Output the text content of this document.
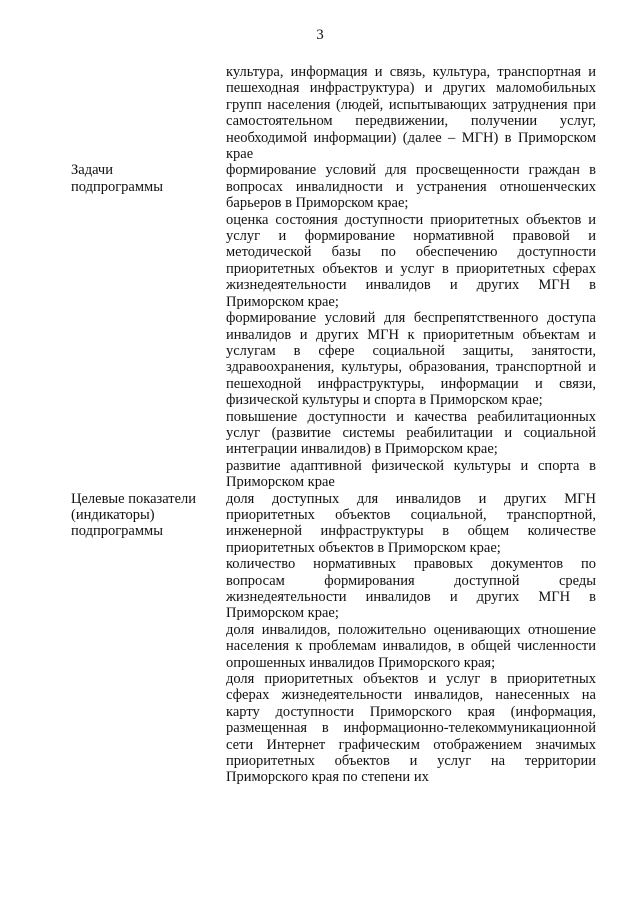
3

культура, информация и связь, культура, транспортная и пешеходная инфраструктура) и других маломобильных групп населения (людей, испытывающих затруднения при самостоятельном передвижении, получении услуг, необходимой информации) (далее – МГН) в Приморском крае

Задачи
подпрограммы

формирование условий для просвещенности граждан в вопросах инвалидности и устранения отношенческих барьеров в Приморском крае;

оценка состояния доступности приоритетных объектов и услуг и формирование нормативной правовой и методической базы по обеспечению доступности приоритетных объектов и услуг в приоритетных сферах жизнедеятельности инвалидов и других МГН в Приморском крае;

формирование условий для беспрепятственного доступа инвалидов и других МГН к приоритетным объектам и услугам в сфере социальной защиты, занятости, здравоохранения, культуры, образования, транспортной и пешеходной инфраструктуры, информации и связи, физической культуры и спорта в Приморском крае;

повышение доступности и качества реабилитационных услуг (развитие системы реабилитации и социальной интеграции инвалидов) в Приморском крае;

развитие адаптивной физической культуры и спорта в Приморском крае

Целевые показатели
(индикаторы)
подпрограммы

доля доступных для инвалидов и других МГН приоритетных объектов социальной, транспортной, инженерной инфраструктуры в общем количестве приоритетных объектов в Приморском крае;

количество нормативных правовых документов по вопросам формирования доступной среды жизнедеятельности инвалидов и других МГН в Приморском крае;

доля инвалидов, положительно оценивающих отношение населения к проблемам инвалидов, в общей численности опрошенных инвалидов Приморского края;

доля приоритетных объектов и услуг в приоритетных сферах жизнедеятельности инвалидов, нанесенных на карту доступности Приморского края (информация, размещенная в информационно-телекоммуникационной сети Интернет графическим отображением значимых приоритетных объектов и услуг на территории Приморского края по степени их
